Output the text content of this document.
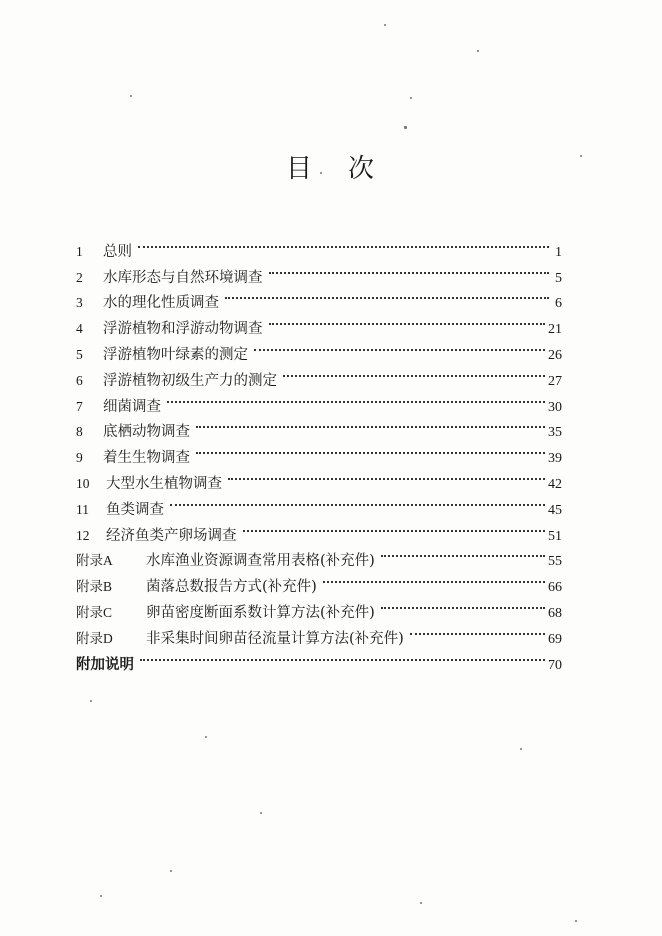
目 次
1	总则	1
2	水库形态与自然环境调查	5
3	水的理化性质调查	6
4	浮游植物和浮游动物调查	21
5	浮游植物叶绿素的测定	26
6	浮游植物初级生产力的测定	27
7	细菌调查	30
8	底栖动物调查	35
9	着生生物调查	39
10	大型水生植物调查	42
11	鱼类调查	45
12	经济鱼类产卵场调查	51
附录A	水库渔业资源调查常用表格(补充件)	55
附录B	菌落总数报告方式(补充件)	66
附录C	卵苗密度断面系数计算方法(补充件)	68
附录D	非采集时间卵苗径流量计算方法(补充件)	69
附加说明	70
